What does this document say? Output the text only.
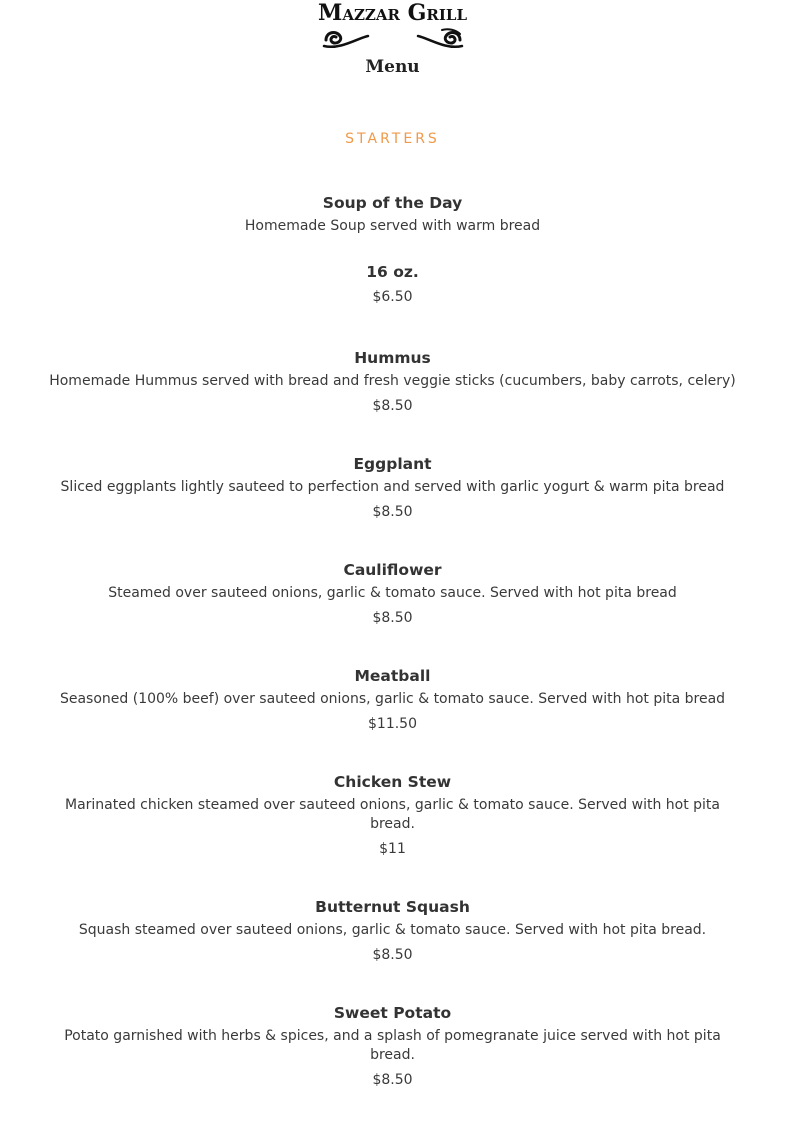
Mazzar Grill
Menu
STARTERS
Soup of the Day
Homemade Soup served with warm bread
16 oz.
$6.50
Hummus
Homemade Hummus served with bread and fresh veggie sticks (cucumbers, baby carrots, celery)
$8.50
Eggplant
Sliced eggplants lightly sauteed to perfection and served with garlic yogurt & warm pita bread
$8.50
Cauliflower
Steamed over sauteed onions, garlic & tomato sauce. Served with hot pita bread
$8.50
Meatball
Seasoned (100% beef) over sauteed onions, garlic & tomato sauce. Served with hot pita bread
$11.50
Chicken Stew
Marinated chicken steamed over sauteed onions, garlic & tomato sauce. Served with hot pita bread.
$11
Butternut Squash
Squash steamed over sauteed onions, garlic & tomato sauce. Served with hot pita bread.
$8.50
Sweet Potato
Potato garnished with herbs & spices, and a splash of pomegranate juice served with hot pita bread.
$8.50
